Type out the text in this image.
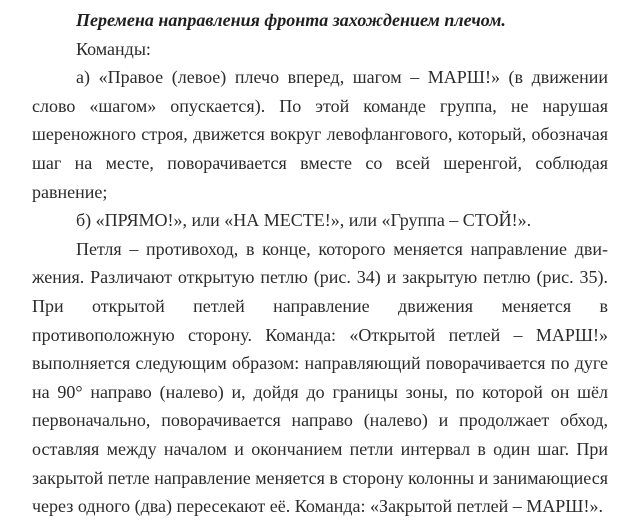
Перемена направления фронта захождением плечом.

Команды:

а) «Правое (левое) плечо вперед, шагом – МАРШ!» (в движении слово «шагом» опускается). По этой команде группа, не нарушая шереножного строя, движется вокруг левофлангового, который, обозначая шаг на месте, поворачивается вместе со всей шеренгой, соблюдая равнение;

б) «ПРЯМО!», или «НА МЕСТЕ!», или «Группа – СТОЙ!».

Петля – противоход, в конце, которого меняется направление движения. Различают открытую петлю (рис. 34) и закрытую петлю (рис. 35). При открытой петлей направление движения меняется в противоположную сторону. Команда: «Открытой петлей – МАРШ!» выполняется следующим образом: направляющий поворачивается по дуге на 90° направо (налево) и, дойдя до границы зоны, по которой он шёл первоначально, поворачивается направо (налево) и продолжает обход, оставляя между началом и окончанием петли интервал в один шаг. При закрытой петле направление меняется в сторону колонны и занимающиеся через одного (два) пересекают её. Команда: «Закрытой петлей – МАРШ!».
